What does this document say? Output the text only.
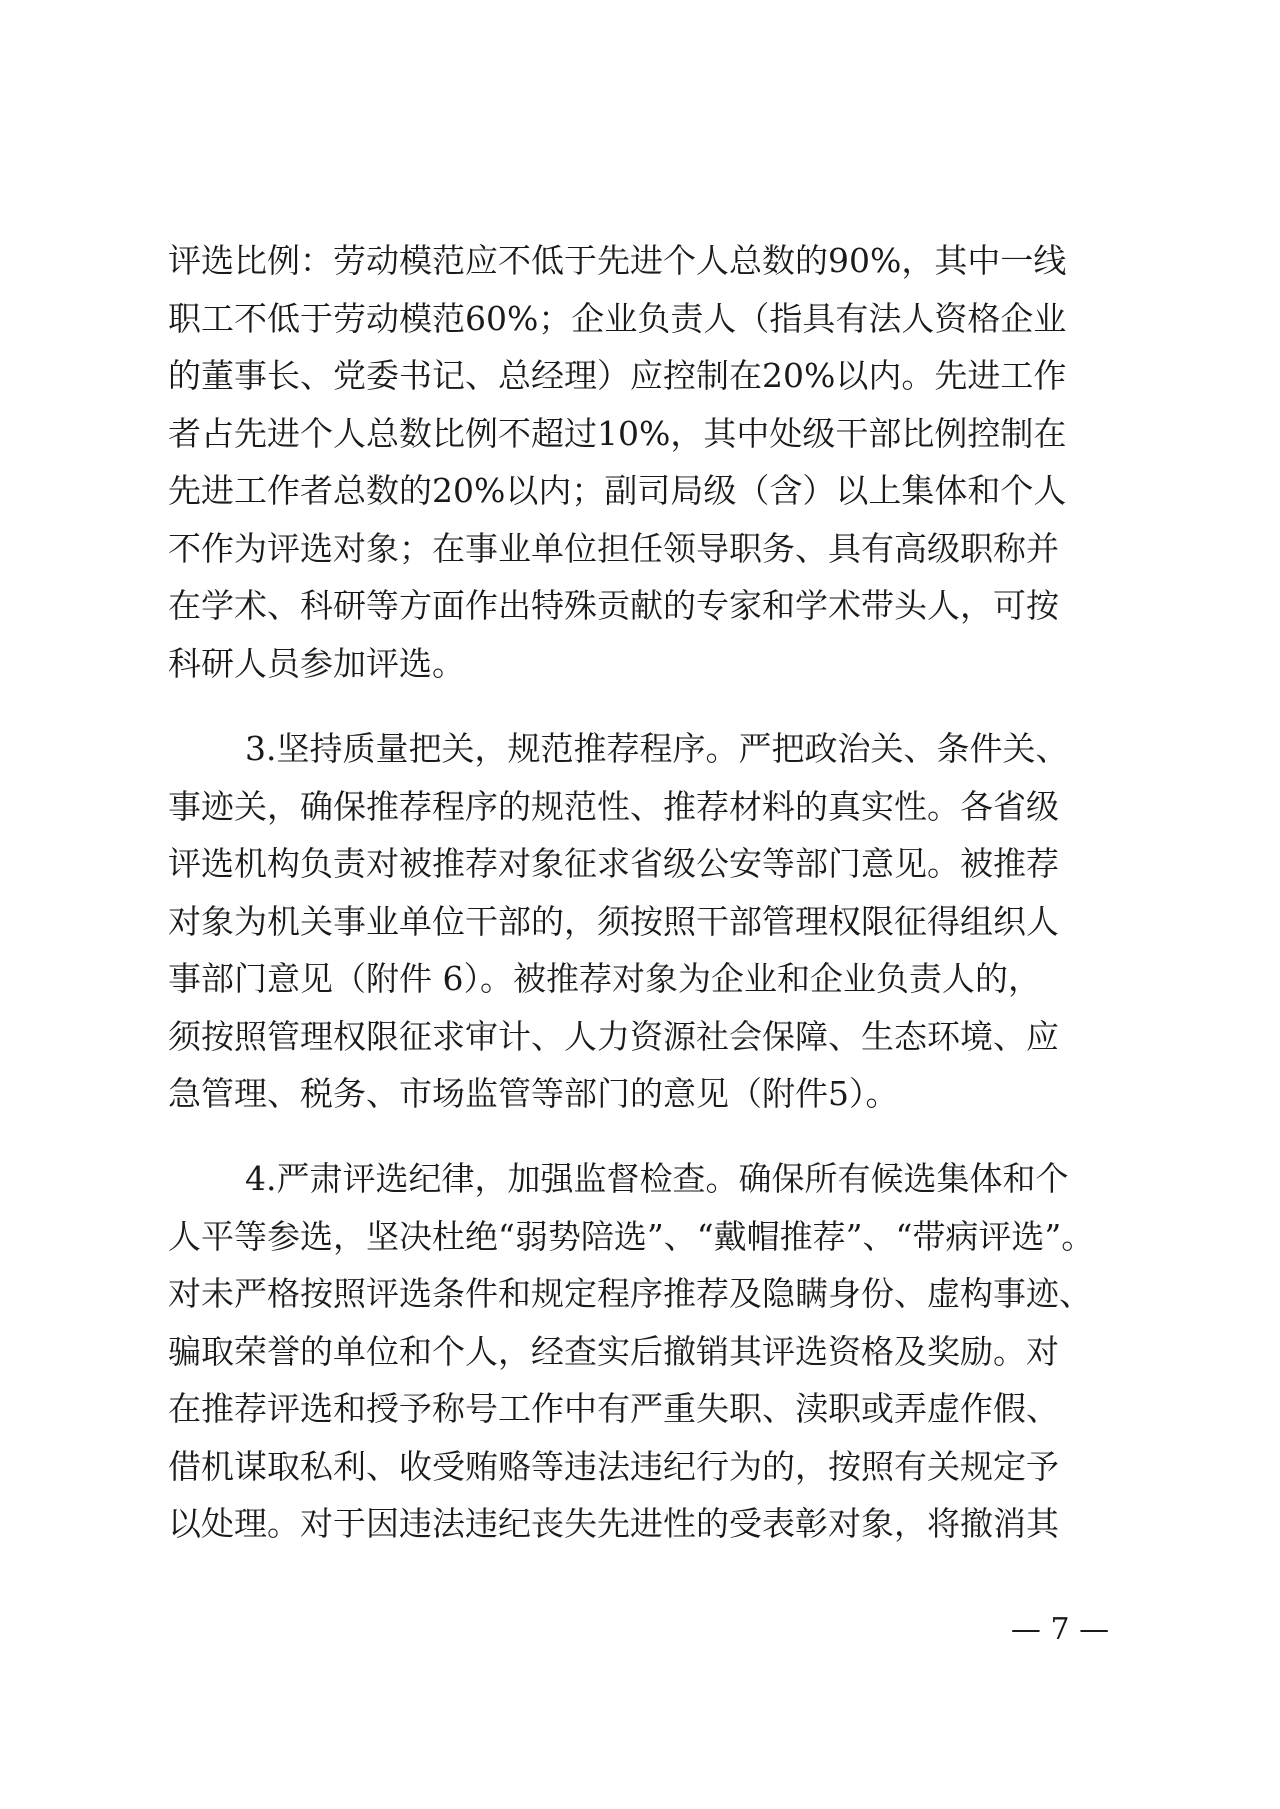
评选比例：劳动模范应不低于先进个人总数的90%，其中一线
职工不低于劳动模范60%；企业负责人（指具有法人资格企业
的董事长、党委书记、总经理）应控制在20%以内。先进工作
者占先进个人总数比例不超过10%，其中处级干部比例控制在
先进工作者总数的20%以内；副司局级（含）以上集体和个人
不作为评选对象；在事业单位担任领导职务、具有高级职称并
在学术、科研等方面作出特殊贡献的专家和学术带头人，可按
科研人员参加评选。
3.坚持质量把关，规范推荐程序。严把政治关、条件关、
事迹关，确保推荐程序的规范性、推荐材料的真实性。各省级
评选机构负责对被推荐对象征求省级公安等部门意见。被推荐
对象为机关事业单位干部的，须按照干部管理权限征得组织人
事部门意见（附件 6）。被推荐对象为企业和企业负责人的，
须按照管理权限征求审计、人力资源社会保障、生态环境、应
急管理、税务、市场监管等部门的意见（附件5）。
4.严肃评选纪律，加强监督检查。确保所有候选集体和个
人平等参选，坚决杜绝“弱势陪选”、“戴帽推荐”、“带病评选”。
对未严格按照评选条件和规定程序推荐及隐瞒身份、虚构事迹、
骗取荣誉的单位和个人，经查实后撤销其评选资格及奖励。对
在推荐评选和授予称号工作中有严重失职、渎职或弄虚作假、
借机谋取私利、收受贿赂等违法违纪行为的，按照有关规定予
以处理。对于因违法违纪丧失先进性的受表彰对象，将撤消其
— 7 —
